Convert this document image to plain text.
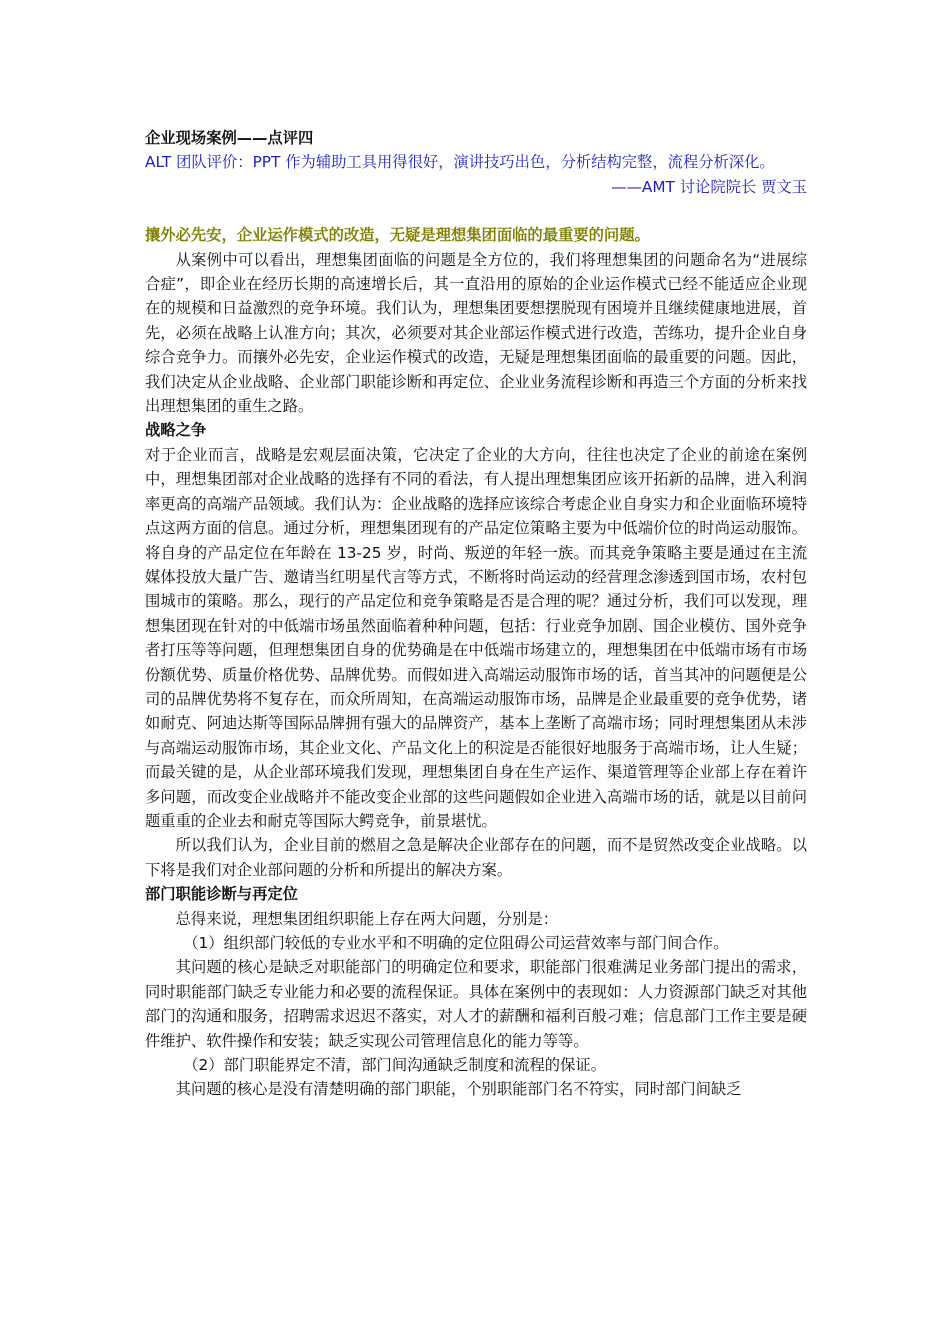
企业现场案例——点评四

ALT 团队评价：PPT 作为辅助工具用得很好，演讲技巧出色，分析结构完整，流程分析深化。

——AMT 讨论院院长 贾文玉

攘外必先安，企业运作模式的改造，无疑是理想集团面临的最重要的问题。

从案例中可以看出，理想集团面临的问题是全方位的，我们将理想集团的问题命名为“进展综合症”，即企业在经历长期的高速增长后，其一直沿用的原始的企业运作模式已经不能适应企业现在的规模和日益激烈的竞争环境。我们认为，理想集团要想摆脱现有困境并且继续健康地进展，首先，必须在战略上认准方向；其次，必须要对其企业部运作模式进行改造，苦练功，提升企业自身综合竞争力。而攘外必先安，企业运作模式的改造，无疑是理想集团面临的最重要的问题。因此，我们决定从企业战略、企业部门职能诊断和再定位、企业业务流程诊断和再造三个方面的分析来找出理想集团的重生之路。

战略之争

对于企业而言，战略是宏观层面决策，它决定了企业的大方向，往往也决定了企业的前途在案例中，理想集团部对企业战略的选择有不同的看法，有人提出理想集团应该开拓新的品牌，进入利润率更高的高端产品领域。我们认为：企业战略的选择应该综合考虑企业自身实力和企业面临环境特点这两方面的信息。通过分析，理想集团现有的产品定位策略主要为中低端价位的时尚运动服饰。将自身的产品定位在年龄在 13-25 岁，时尚、叛逆的年轻一族。而其竞争策略主要是通过在主流媒体投放大量广告、邀请当红明星代言等方式，不断将时尚运动的经营理念渗透到国市场，农村包围城市的策略。那么，现行的产品定位和竞争策略是否是合理的呢？通过分析，我们可以发现，理想集团现在针对的中低端市场虽然面临着种种问题，包括：行业竞争加剧、国企业模仿、国外竞争者打压等等问题，但理想集团自身的优势确是在中低端市场建立的，理想集团在中低端市场有市场份额优势、质量价格优势、品牌优势。而假如进入高端运动服饰市场的话，首当其冲的问题便是公司的品牌优势将不复存在，而众所周知，在高端运动服饰市场，品牌是企业最重要的竞争优势，诸如耐克、阿迪达斯等国际品牌拥有强大的品牌资产，基本上垄断了高端市场；同时理想集团从未涉与高端运动服饰市场，其企业文化、产品文化上的积淀是否能很好地服务于高端市场，让人生疑；而最关键的是，从企业部环境我们发现，理想集团自身在生产运作、渠道管理等企业部上存在着许多问题，而改变企业战略并不能改变企业部的这些问题假如企业进入高端市场的话，就是以目前问题重重的企业去和耐克等国际大鳄竞争，前景堪忧。

所以我们认为，企业目前的燃眉之急是解决企业部存在的问题，而不是贸然改变企业战略。以下将是我们对企业部问题的分析和所提出的解决方案。

部门职能诊断与再定位

总得来说，理想集团组织职能上存在两大问题，分别是：

（1）组织部门较低的专业水平和不明确的定位阻碍公司运营效率与部门间合作。

其问题的核心是缺乏对职能部门的明确定位和要求，职能部门很难满足业务部门提出的需求，同时职能部门缺乏专业能力和必要的流程保证。具体在案例中的表现如：人力资源部门缺乏对其他部门的沟通和服务，招聘需求迟迟不落实，对人才的薪酬和福利百般刁难；信息部门工作主要是硬件维护、软件操作和安装；缺乏实现公司管理信息化的能力等等。

（2）部门职能界定不清，部门间沟通缺乏制度和流程的保证。

其问题的核心是没有清楚明确的部门职能，个别职能部门名不符实，同时部门间缺乏
